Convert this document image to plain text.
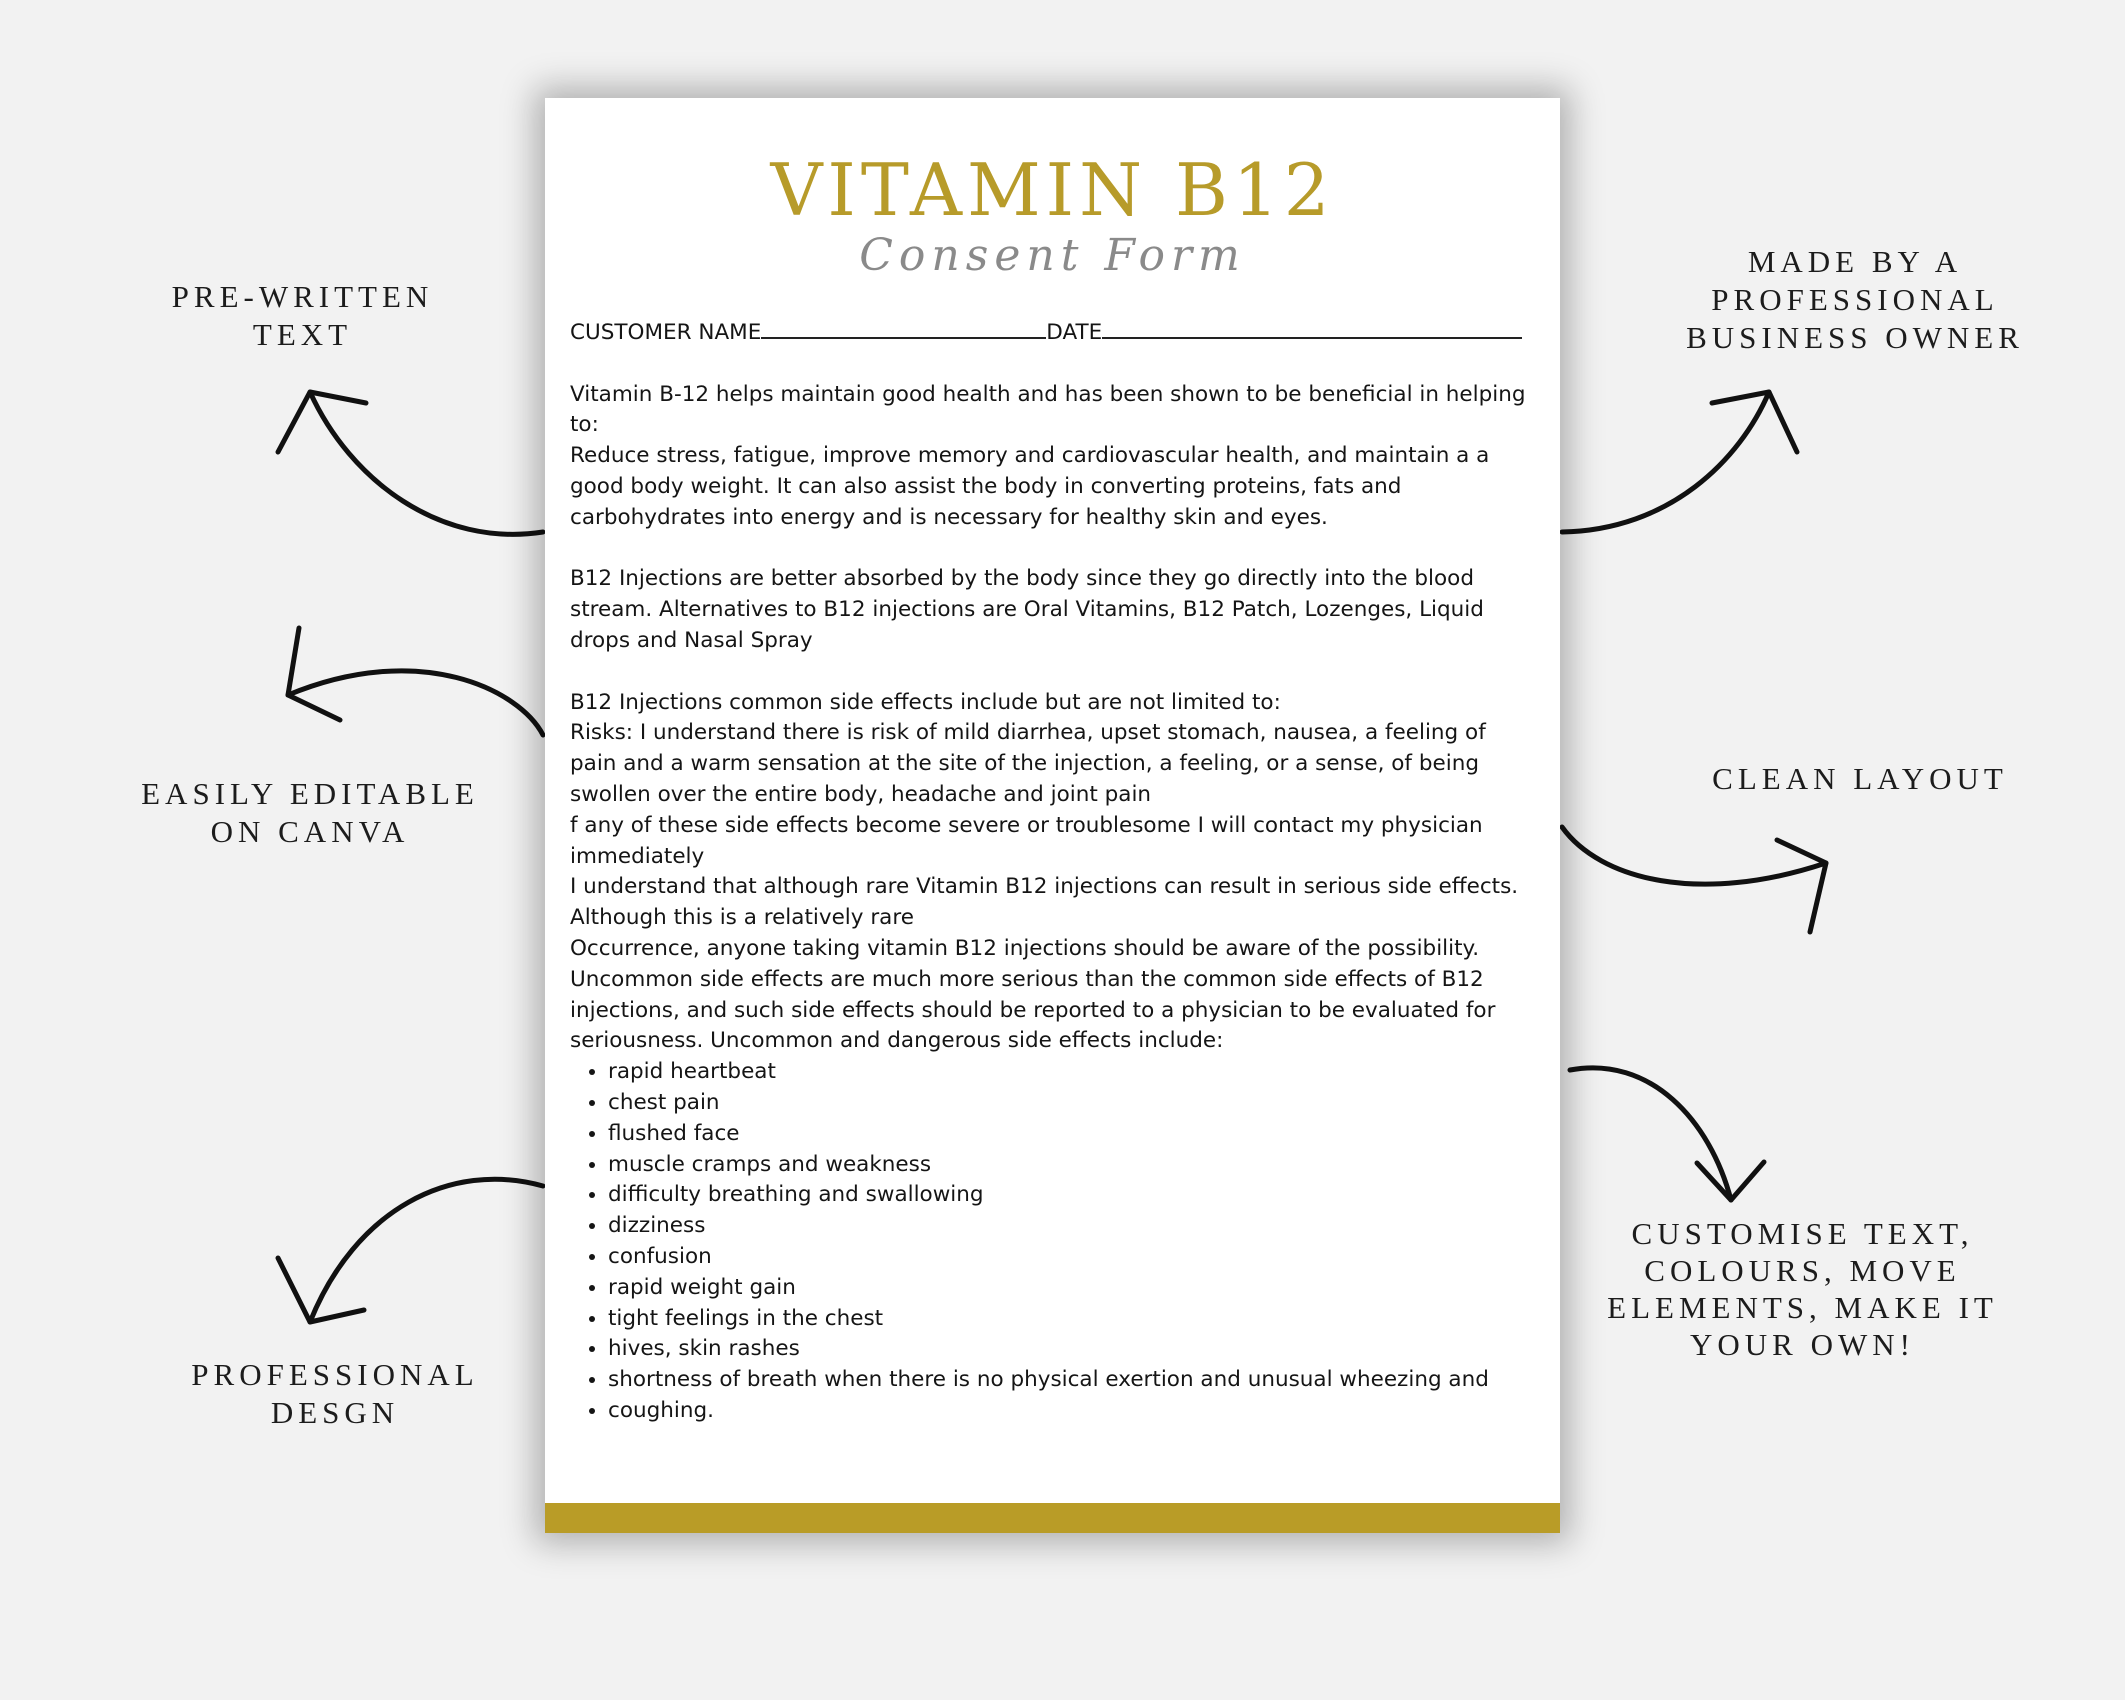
PRE-WRITTEN
TEXT
EASILY EDITABLE
ON CANVA
PROFESSIONAL
DESGN
MADE BY A PROFESSIONAL
BUSINESS OWNER
CLEAN LAYOUT
CUSTOMISE TEXT,
COLOURS, MOVE
ELEMENTS, MAKE IT
YOUR OWN!
VITAMIN B12
Consent Form
CUSTOMER NAME	DATE

Vitamin B-12 helps maintain good health and has been shown to be beneficial in helping to:

Reduce stress, fatigue, improve memory and cardiovascular health, and maintain a a good body weight. It can also assist the body in converting proteins, fats and carbohydrates into energy and is necessary for healthy skin and eyes.

B12 Injections are better absorbed by the body since they go directly into the blood stream. Alternatives to B12 injections are Oral Vitamins, B12 Patch, Lozenges, Liquid drops and Nasal Spray

B12 Injections common side effects include but are not limited to:

Risks: I understand there is risk of mild diarrhea, upset stomach, nausea, a feeling of pain and a warm sensation at the site of the injection, a feeling, or a sense, of being swollen over the entire body, headache and joint pain

f any of these side effects become severe or troublesome I will contact my physician immediately

I understand that although rare Vitamin B12 injections can result in serious side effects.

Although this is a relatively rare

Occurrence, anyone taking vitamin B12 injections should be aware of the possibility. Uncommon side effects are much more serious than the common side effects of B12 injections, and such side effects should be reported to a physician to be evaluated for seriousness. Uncommon and dangerous side effects include:

• rapid heartbeat
• chest pain
• flushed face
• muscle cramps and weakness
• difficulty breathing and swallowing
• dizziness
• confusion
• rapid weight gain
• tight feelings in the chest
• hives, skin rashes
• shortness of breath when there is no physical exertion and unusual wheezing and
• coughing.
